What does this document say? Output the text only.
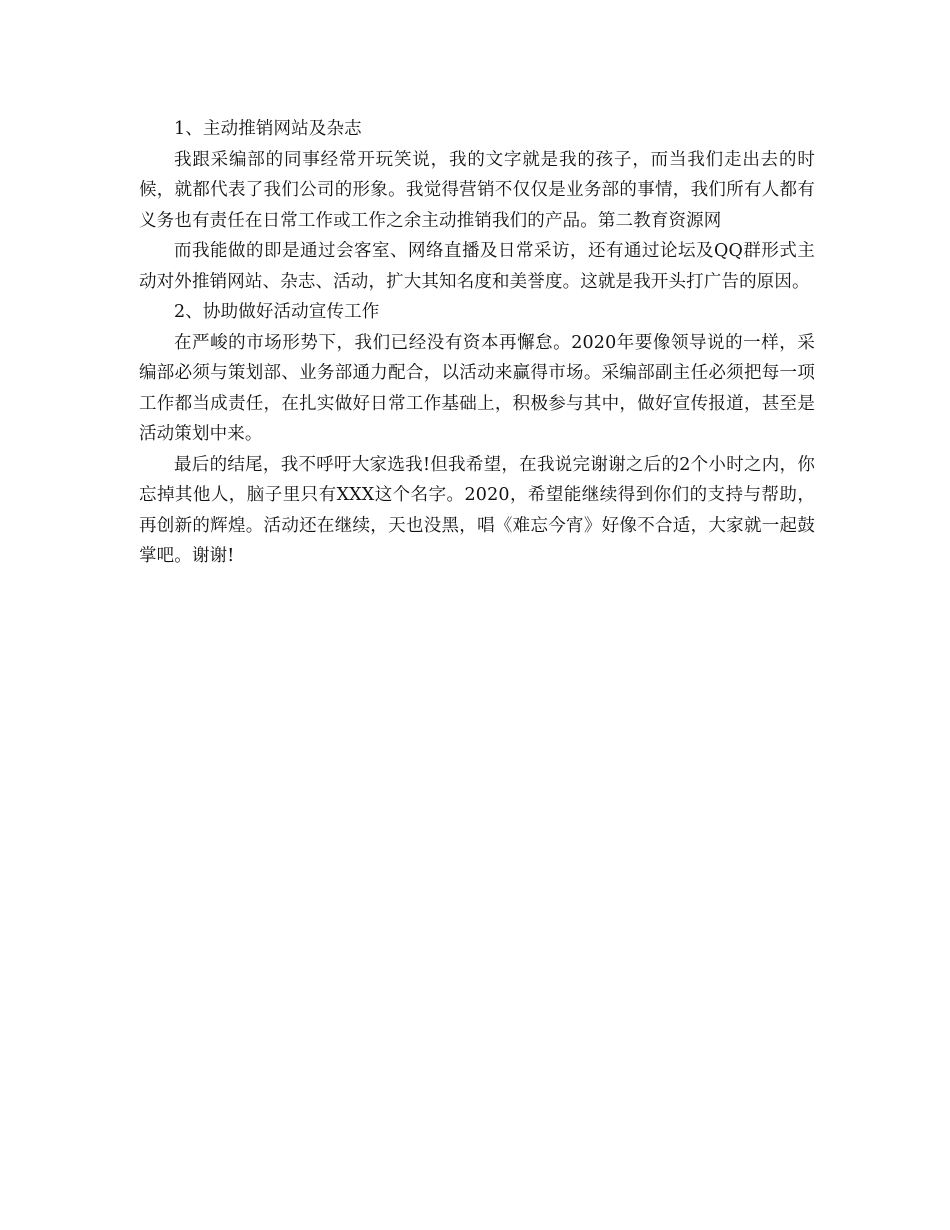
1、主动推销网站及杂志

我跟采编部的同事经常开玩笑说，我的文字就是我的孩子，而当我们走出去的时候，就都代表了我们公司的形象。我觉得营销不仅仅是业务部的事情，我们所有人都有义务也有责任在日常工作或工作之余主动推销我们的产品。第二教育资源网

而我能做的即是通过会客室、网络直播及日常采访，还有通过论坛及QQ群形式主动对外推销网站、杂志、活动，扩大其知名度和美誉度。这就是我开头打广告的原因。

2、协助做好活动宣传工作

在严峻的市场形势下，我们已经没有资本再懈怠。2020年要像领导说的一样，采编部必须与策划部、业务部通力配合，以活动来赢得市场。采编部副主任必须把每一项工作都当成责任，在扎实做好日常工作基础上，积极参与其中，做好宣传报道，甚至是活动策划中来。

最后的结尾，我不呼吁大家选我!但我希望，在我说完谢谢之后的2个小时之内，你忘掉其他人，脑子里只有XXX这个名字。2020，希望能继续得到你们的支持与帮助，再创新的辉煌。活动还在继续，天也没黑，唱《难忘今宵》好像不合适，大家就一起鼓掌吧。谢谢!
